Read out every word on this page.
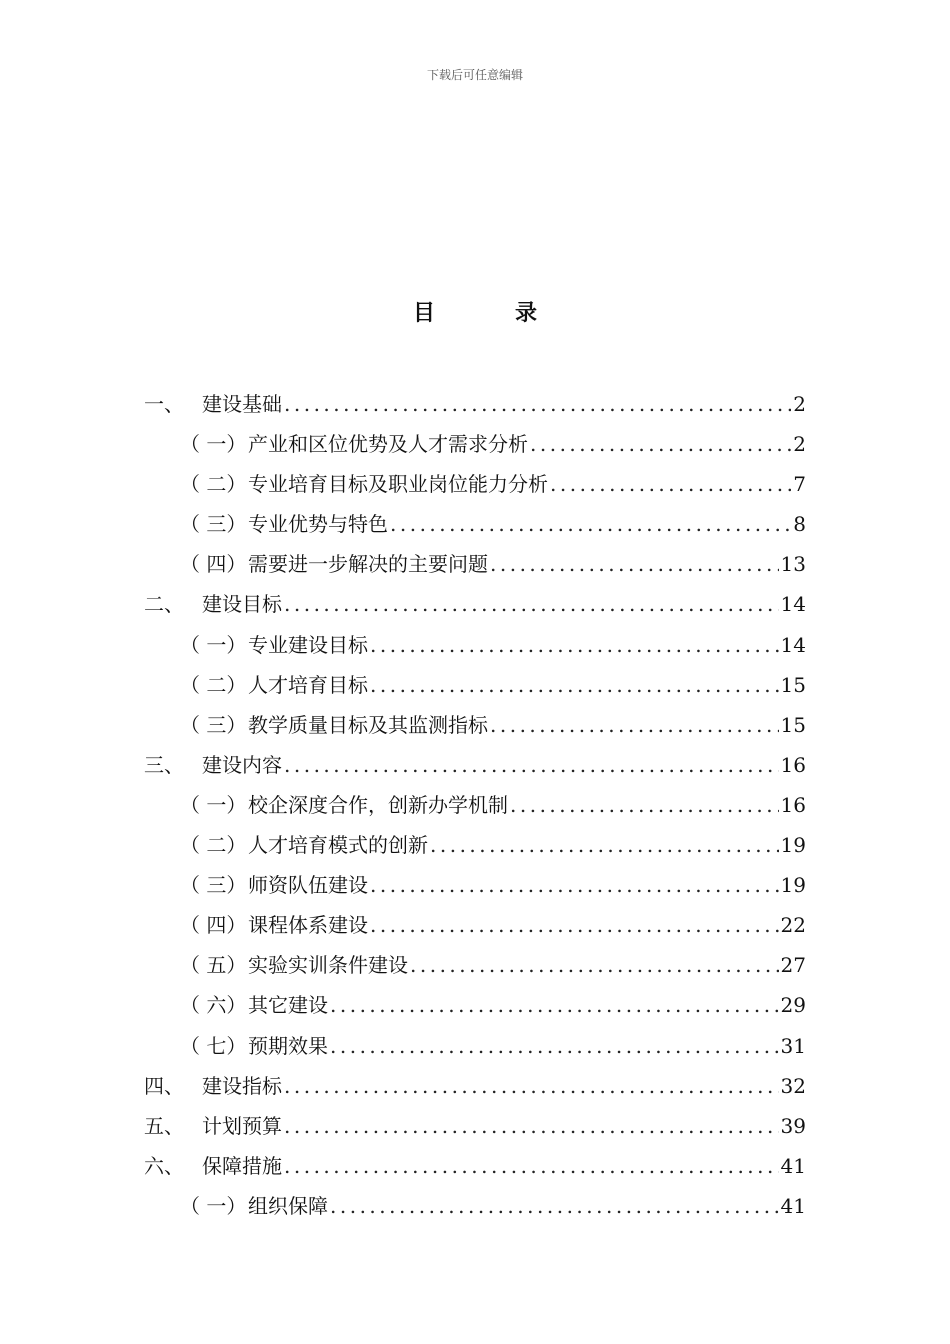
下载后可任意编辑
目	录
一、 建设基础 .....	2
（ 一） 产业和区位优势及人才需求分析 .....	2
（ 二） 专业培育目标及职业岗位能力分析 .....	7
（ 三） 专业优势与特色 .....	8
（ 四） 需要进一步解决的主要问题 .....	13
二、 建设目标 .....	14
（ 一） 专业建设目标 .....	14
（ 二） 人才培育目标 .....	15
（ 三） 教学质量目标及其监测指标 .....	15
三、 建设内容 .....	16
（ 一） 校企深度合作，创新办学机制 .....	16
（ 二） 人才培育模式的创新 .....	19
（ 三） 师资队伍建设 .....	19
（ 四） 课程体系建设 .....	22
（ 五） 实验实训条件建设 .....	27
（ 六） 其它建设 .....	29
（ 七） 预期效果 .....	31
四、 建设指标 .....	32
五、 计划预算 .....	39
六、 保障措施 .....	41
（ 一） 组织保障 .....	41
